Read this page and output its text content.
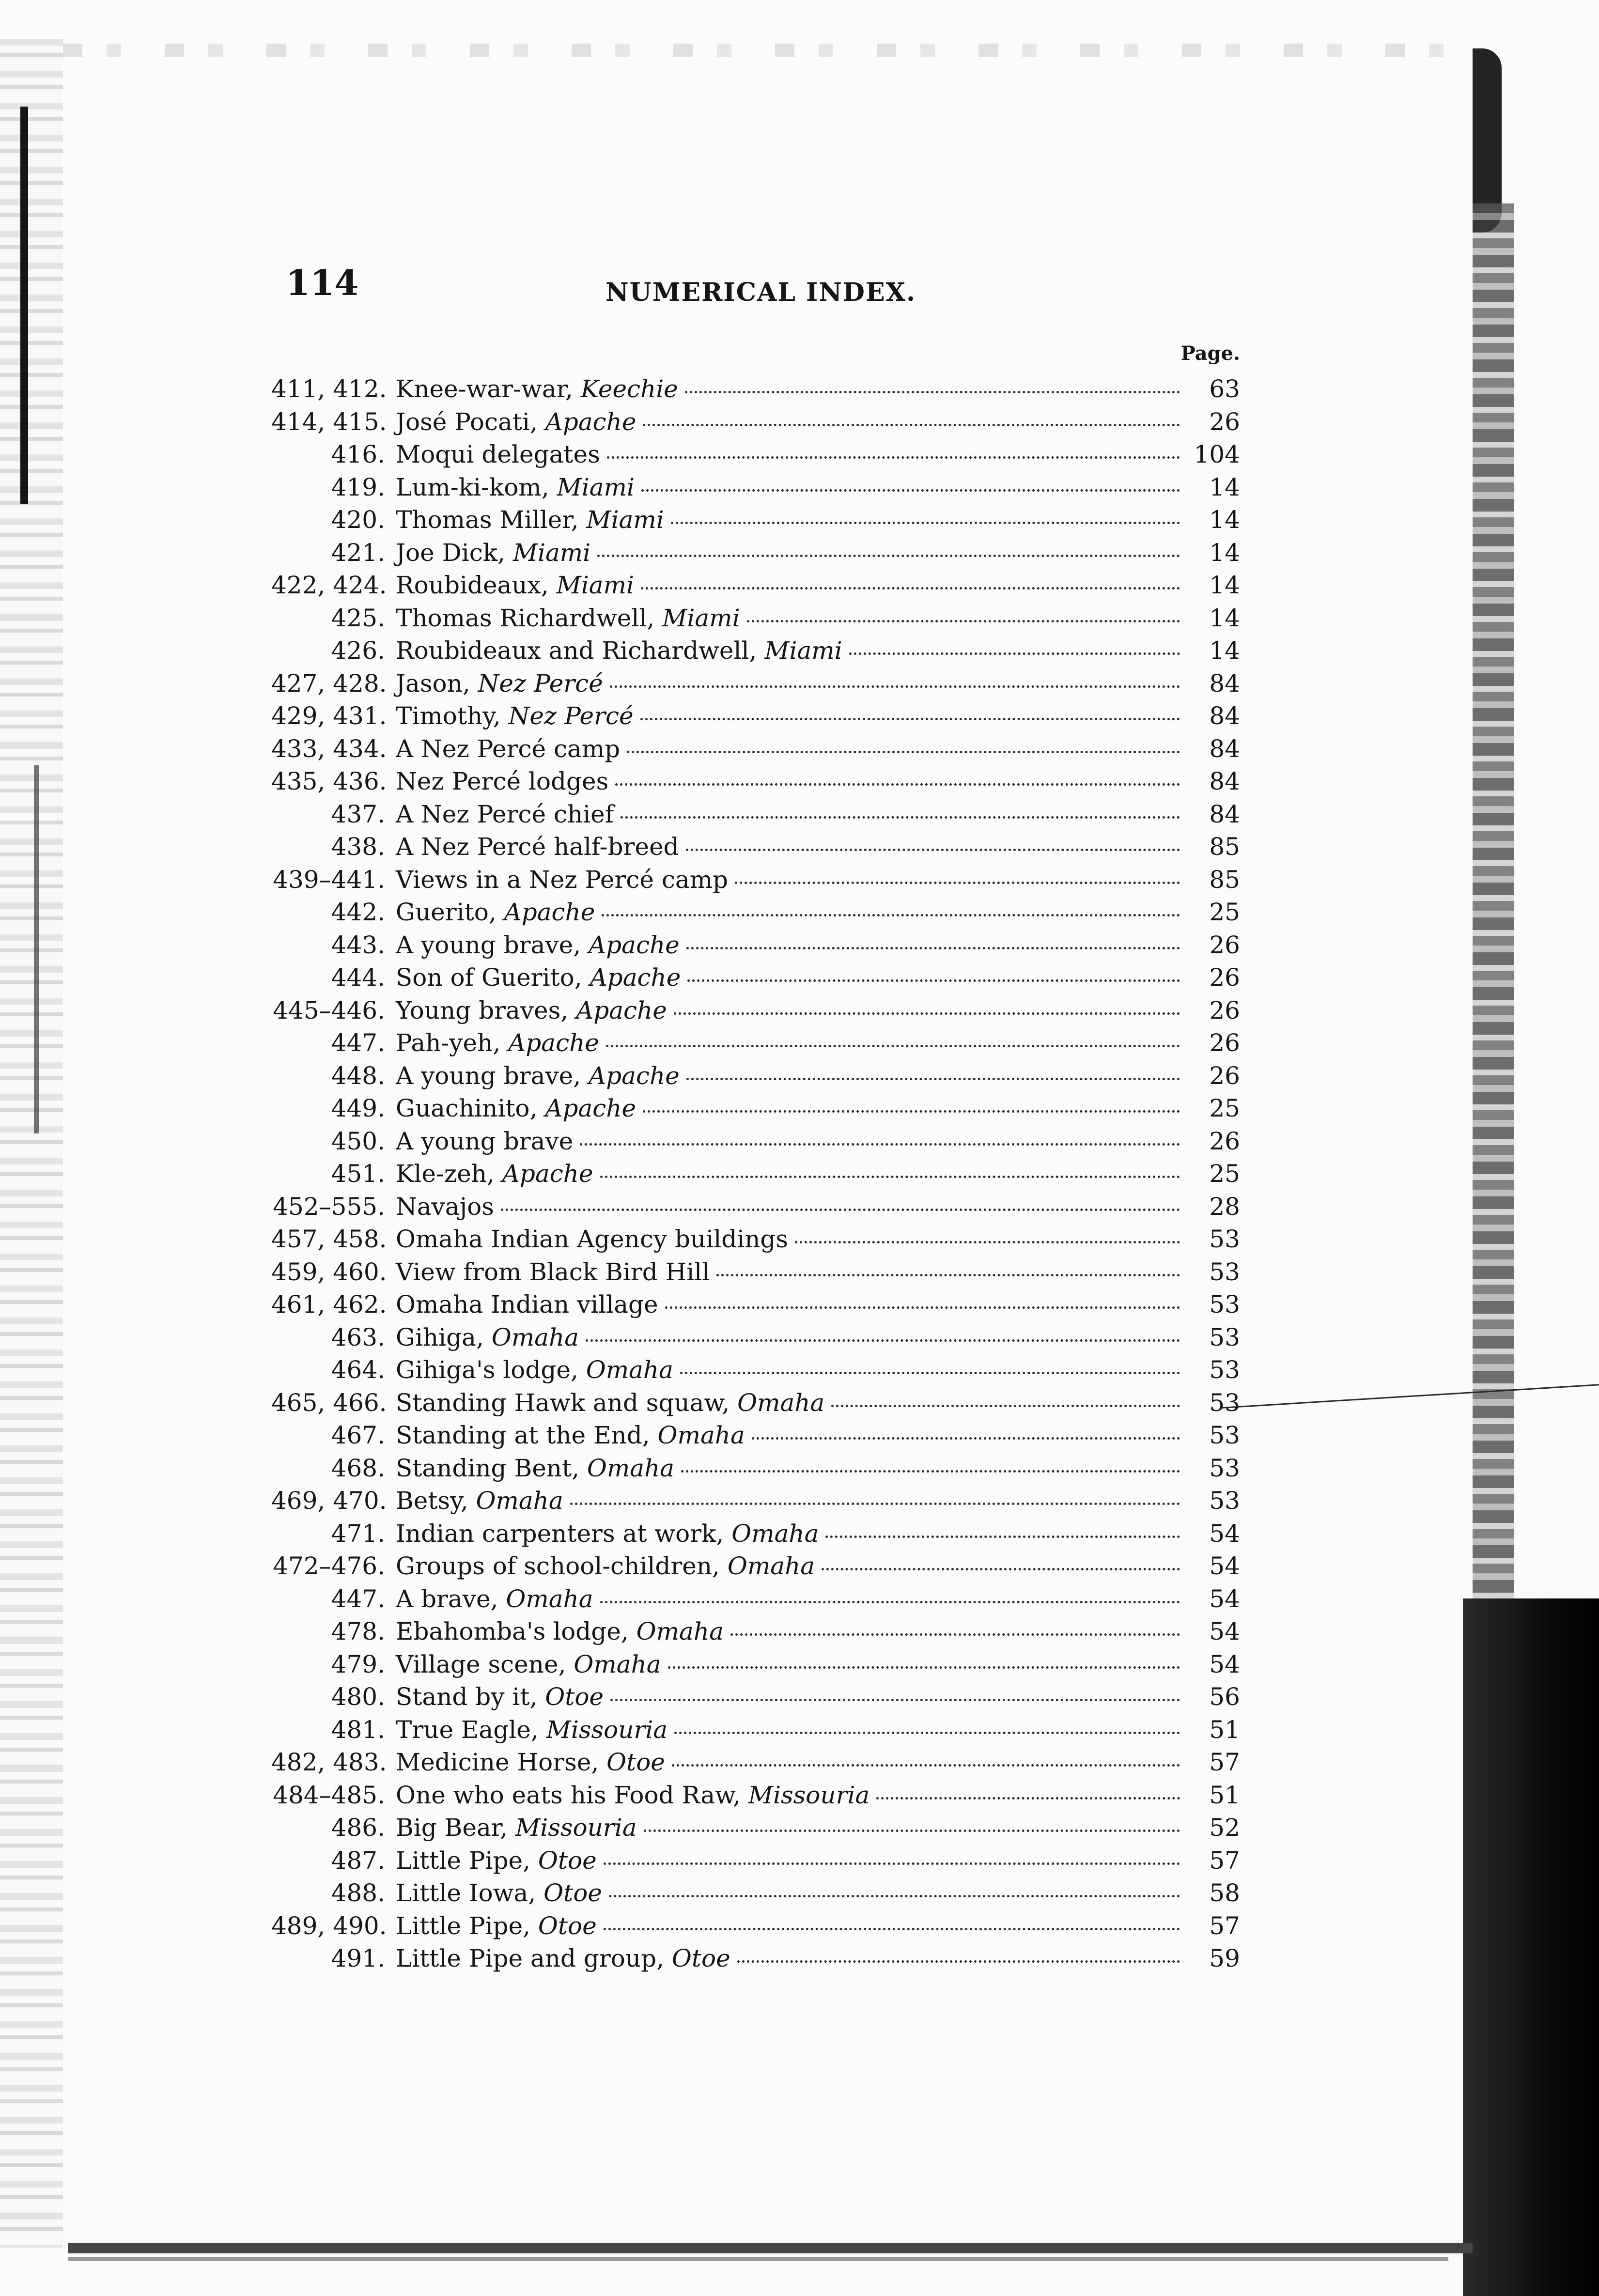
114	NUMERICAL INDEX.
Page.
411, 412. Knee-war-war, Keechie	63
414, 415. José Pocati, Apache	26
416. Moqui delegates	104
419. Lum-ki-kom, Miami	14
420. Thomas Miller, Miami	14
421. Joe Dick, Miami	14
422, 424. Roubideaux, Miami	14
425. Thomas Richardwell, Miami	14
426. Roubideaux and Richardwell, Miami	14
427, 428. Jason, Nez Percé	84
429, 431. Timothy, Nez Percé	84
433, 434. A Nez Percé camp	84
435, 436. Nez Percé lodges	84
437. A Nez Percé chief	84
438. A Nez Percé half-breed	85
439–441. Views in a Nez Percé camp	85
442. Guerito, Apache	25
443. A young brave, Apache	26
444. Son of Guerito, Apache	26
445–446. Young braves, Apache	26
447. Pah-yeh, Apache	26
448. A young brave, Apache	26
449. Guachinito, Apache	25
450. A young brave	26
451. Kle-zeh, Apache	25
452–555. Navajos	28
457, 458. Omaha Indian Agency buildings	53
459, 460. View from Black Bird Hill	53
461, 462. Omaha Indian village	53
463. Gihiga, Omaha	53
464. Gihiga's lodge, Omaha	53
465, 466. Standing Hawk and squaw, Omaha	53
467. Standing at the End, Omaha	53
468. Standing Bent, Omaha	53
469, 470. Betsy, Omaha	53
471. Indian carpenters at work, Omaha	54
472–476. Groups of school-children, Omaha	54
447. A brave, Omaha	54
478. Ebahomba's lodge, Omaha	54
479. Village scene, Omaha	54
480. Stand by it, Otoe	56
481. True Eagle, Missouria	51
482, 483. Medicine Horse, Otoe	57
484–485. One who eats his Food Raw, Missouria	51
486. Big Bear, Missouria	52
487. Little Pipe, Otoe	57
488. Little Iowa, Otoe	58
489, 490. Little Pipe, Otoe	57
491. Little Pipe and group, Otoe	59
